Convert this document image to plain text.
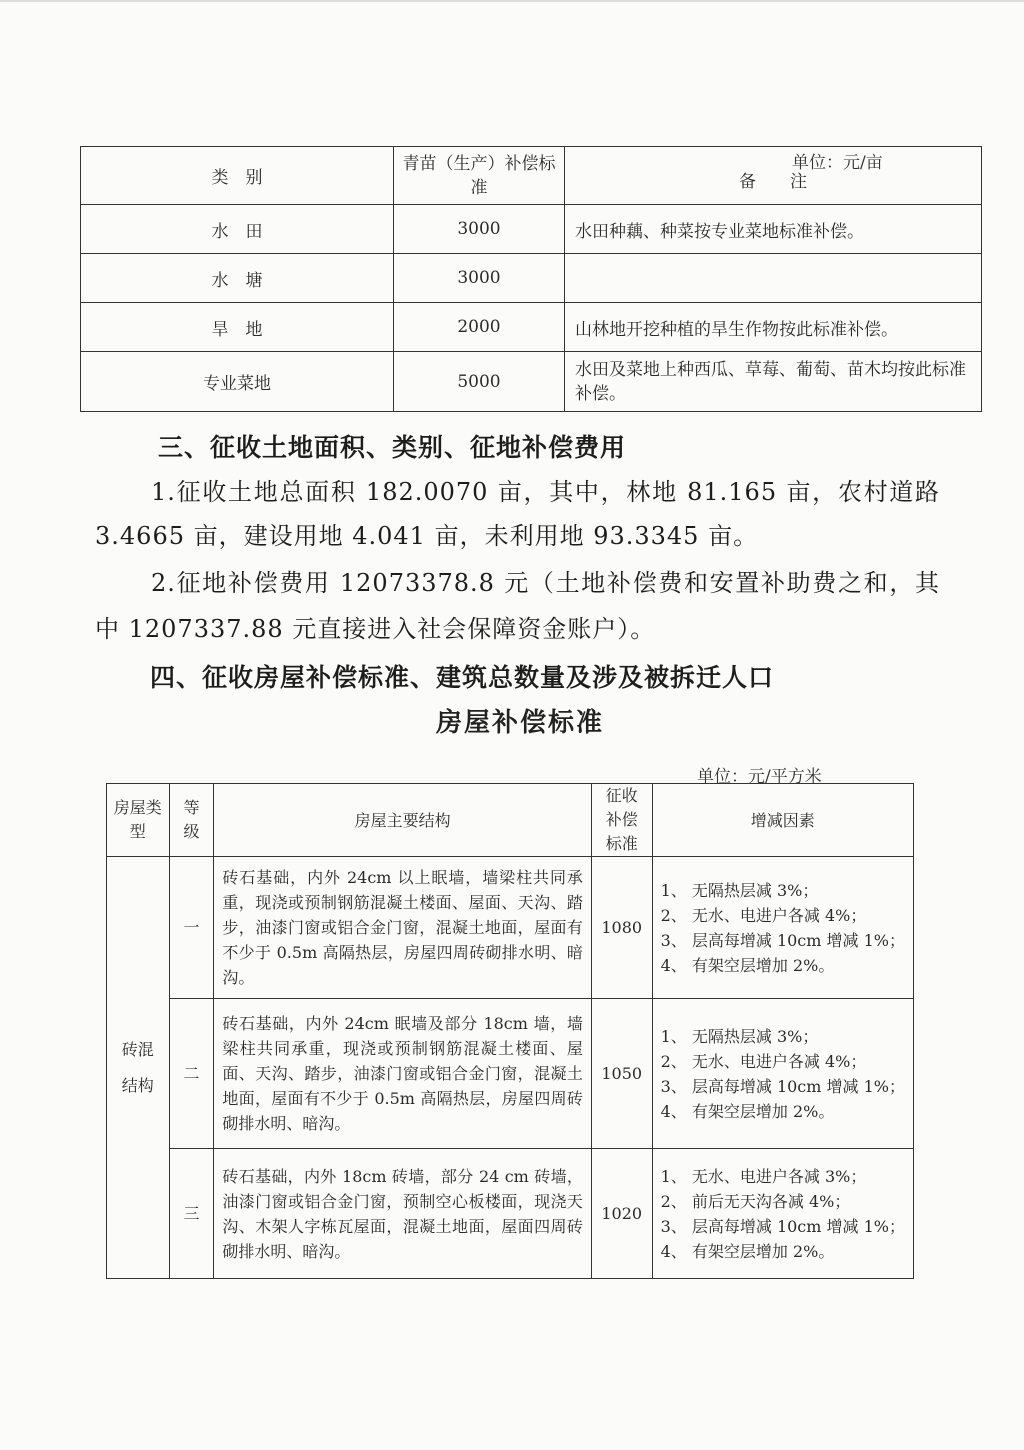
单位：元/亩
类　别	青苗（生产）补偿标准	备　　注
水　田	3000	水田种藕、种菜按专业菜地标准补偿。
水　塘	3000	
旱　地	2000	山林地开挖种植的旱生作物按此标准补偿。
专业菜地	5000	水田及菜地上种西瓜、草莓、葡萄、苗木均按此标准补偿。
三、征收土地面积、类别、征地补偿费用
1.征收土地总面积 182.0070 亩，其中，林地 81.165 亩，农村道路 3.4665 亩，建设用地 4.041 亩，未利用地 93.3345 亩。
2.征地补偿费用 12073378.8 元（土地补偿费和安置补助费之和，其中 1207337.88 元直接进入社会保障资金账户）。
四、征收房屋补偿标准、建筑总数量及涉及被拆迁人口
房屋补偿标准
单位：元/平方米
房屋类型	等级	房屋主要结构	征收补偿标准	增减因素
砖混结构	一	砖石基础，内外 24cm 以上眠墙，墙梁柱共同承重，现浇或预制钢筋混凝土楼面、屋面、天沟、踏步，油漆门窗或铝合金门窗，混凝土地面，屋面有不少于 0.5m 高隔热层，房屋四周砖砌排水明、暗沟。	1080	1、 无隔热层减 3%；
2、 无水、电进户各减 4%；
3、 层高每增减 10cm 增减 1%；
4、 有架空层增加 2%。

	二	砖石基础，内外 24cm 眠墙及部分 18cm 墙，墙梁柱共同承重，现浇或预制钢筋混凝土楼面、屋面、天沟、踏步，油漆门窗或铝合金门窗，混凝土地面，屋面有不少于 0.5m 高隔热层，房屋四周砖砌排水明、暗沟。	1050	1、 无隔热层减 3%；
2、 无水、电进户各减 4%；
3、 层高每增减 10cm 增减 1%；
4、 有架空层增加 2%。

	三	砖石基础，内外 18cm 砖墙，部分 24 cm 砖墙，油漆门窗或铝合金门窗，预制空心板楼面，现浇天沟、木架人字栋瓦屋面，混凝土地面，屋面四周砖砌排水明、暗沟。	1020	1、 无水、电进户各减 3%；
2、 前后无天沟各减 4%；
3、 层高每增减 10cm 增减 1%；
4、 有架空层增加 2%。
